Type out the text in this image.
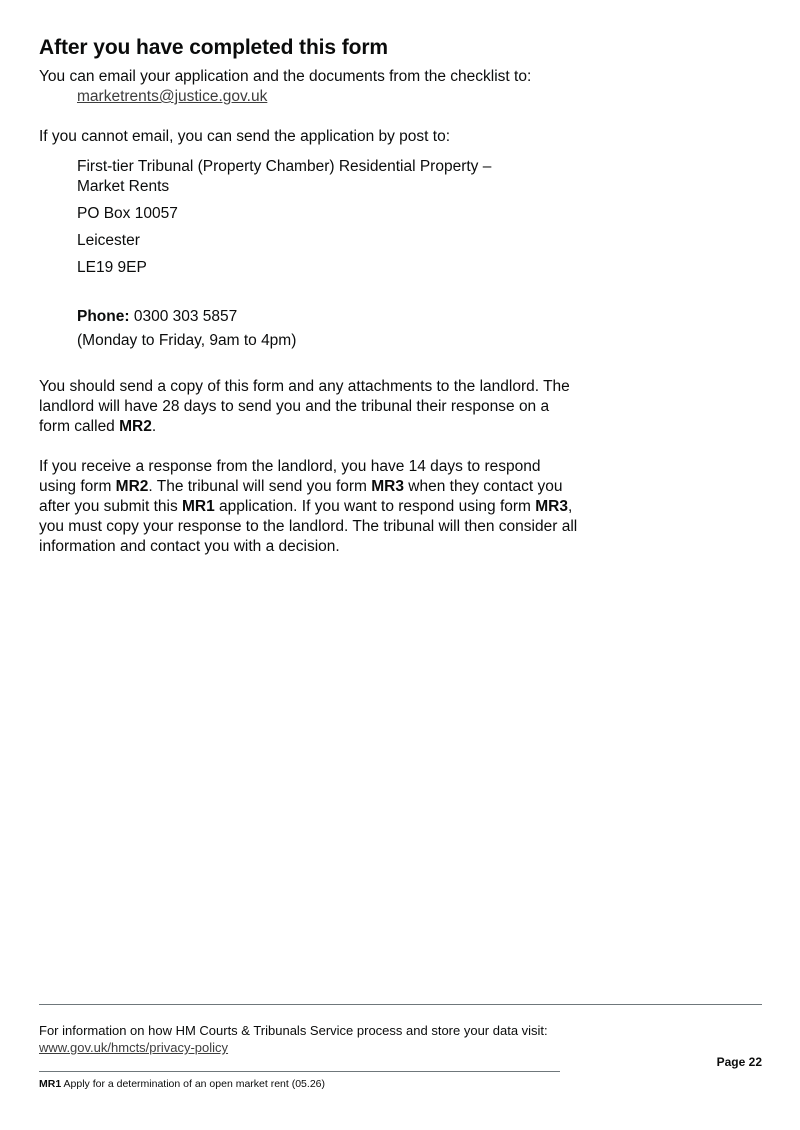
After you have completed this form

You can email your application and the documents from the checklist to:

marketrents@justice.gov.uk

If you cannot email, you can send the application by post to:

First-tier Tribunal (Property Chamber) Residential Property –
Market Rents

PO Box 10057

Leicester

LE19 9EP

Phone: 0300 303 5857

(Monday to Friday, 9am to 4pm)

You should send a copy of this form and any attachments to the landlord. The landlord will have 28 days to send you and the tribunal their response on a form called MR2.

If you receive a response from the landlord, you have 14 days to respond using form MR2. The tribunal will send you form MR3 when they contact you after you submit this MR1 application. If you want to respond using form MR3, you must copy your response to the landlord. The tribunal will then consider all information and contact you with a decision.

For information on how HM Courts & Tribunals Service process and store your data visit:
www.gov.uk/hmcts/privacy-policy
Page 22
MR1 Apply for a determination of an open market rent (05.26)
